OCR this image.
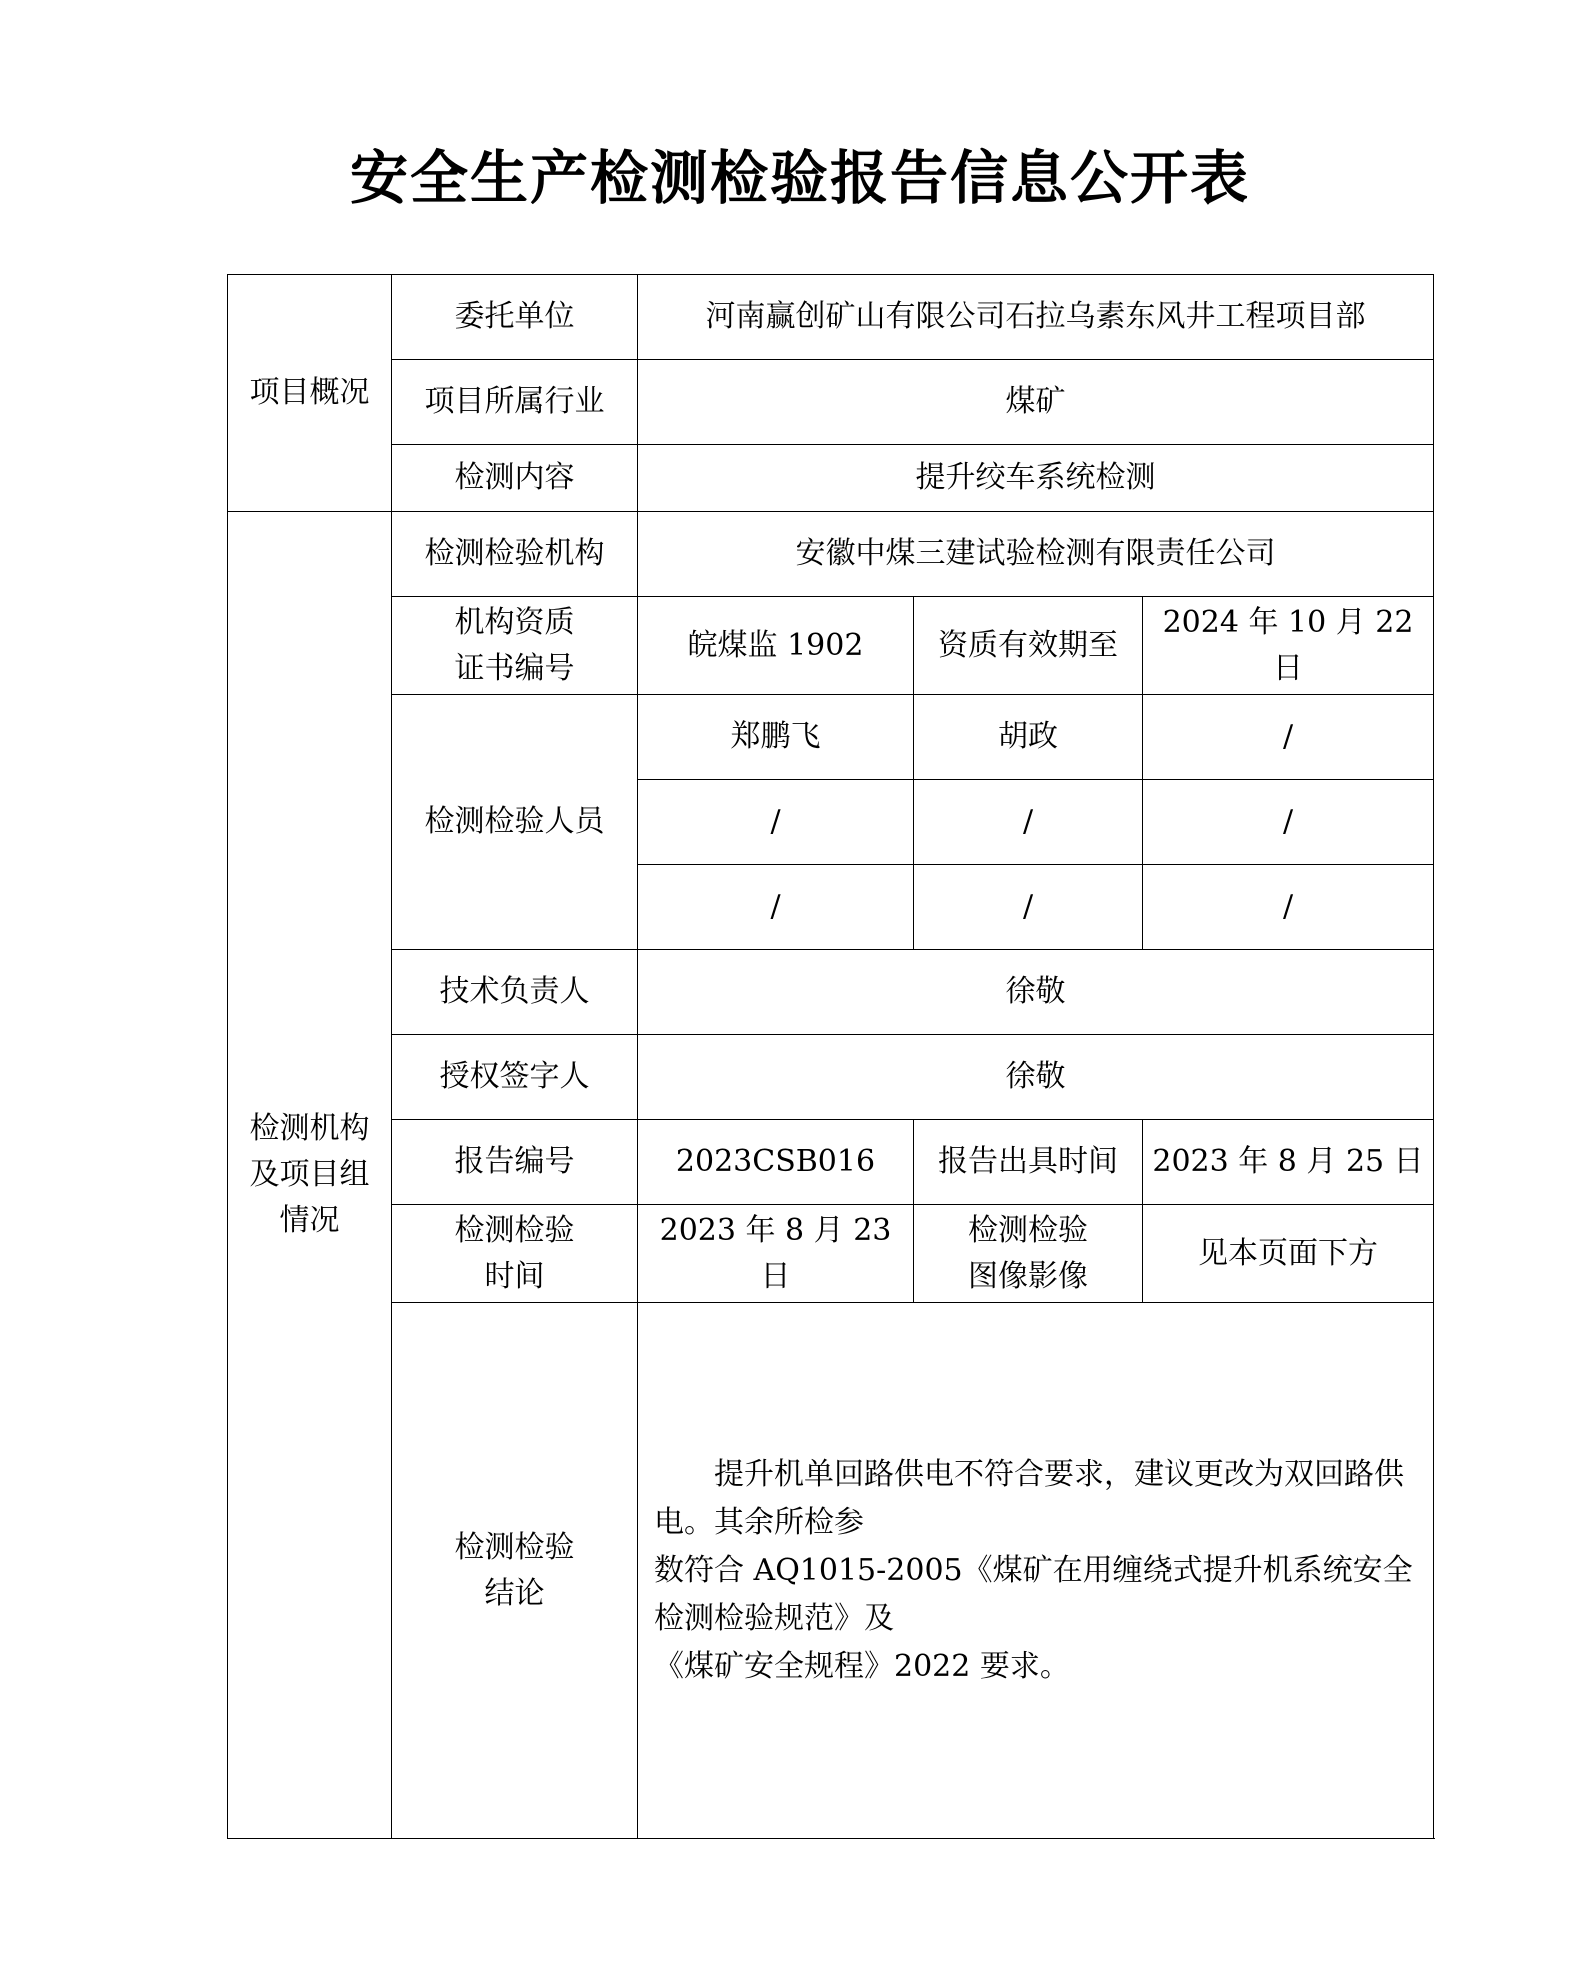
安全生产检测检验报告信息公开表
项目概况	委托单位	河南赢创矿山有限公司石拉乌素东风井工程项目部		
	项目所属行业	煤矿		
	检测内容	提升绞车系统检测		

检测机构
及项目组
情况	检测检验机构	安徽中煤三建试验检测有限责任公司		

	机构资质
证书编号	皖煤监 1902	资质有效期至	2024 年 10 月 22 日
	检测检验人员	郑鹏飞	胡政	/
		/	/	/
		/	/	/
	技术负责人	徐敬		
	授权签字人	徐敬		
	报告编号	2023CSB016	报告出具时间	2023 年 8 月 25 日

	检测检验
时间	2023 年 8 月 23 日	检测检验
图像影像	见本页面下方

	检测检验
结论	提升机单回路供电不符合要求，建议更改为双回路供电。其余所检参
数符合 AQ1015-2005《煤矿在用缠绕式提升机系统安全检测检验规范》及
《煤矿安全规程》2022 要求。		
